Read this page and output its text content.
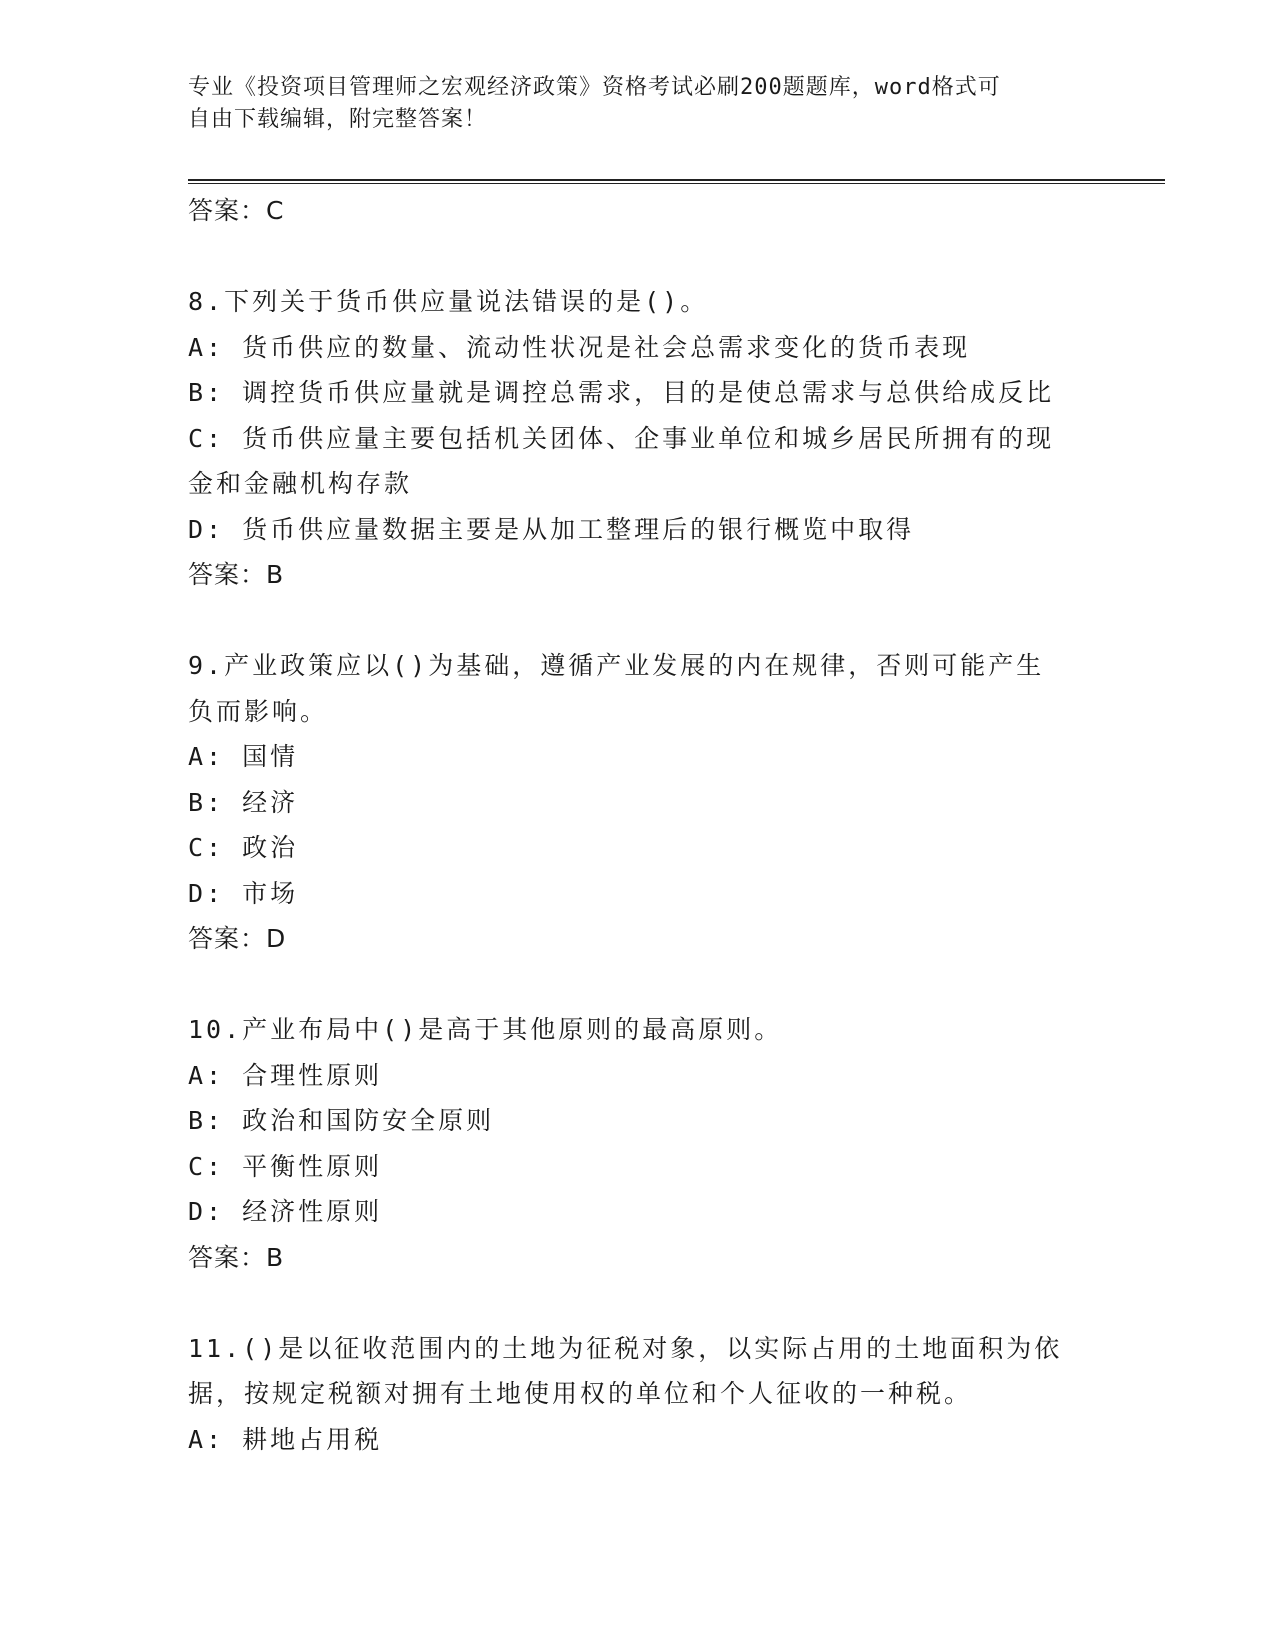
专业《投资项目管理师之宏观经济政策》资格考试必刷200题题库，word格式可
自由下载编辑，附完整答案！

答案：C

8.下列关于货币供应量说法错误的是()。

A: 货币供应的数量、流动性状况是社会总需求变化的货币表现

B: 调控货币供应量就是调控总需求，目的是使总需求与总供给成反比

C: 货币供应量主要包括机关团体、企事业单位和城乡居民所拥有的现

金和金融机构存款

D: 货币供应量数据主要是从加工整理后的银行概览中取得

答案：B

9.产业政策应以()为基础，遵循产业发展的内在规律，否则可能产生

负而影响。

A: 国情

B: 经济

C: 政治

D: 市场

答案：D

10.产业布局中()是高于其他原则的最高原则。

A: 合理性原则

B: 政治和国防安全原则

C: 平衡性原则

D: 经济性原则

答案：B

11.()是以征收范围内的土地为征税对象，以实际占用的土地面积为依

据，按规定税额对拥有土地使用权的单位和个人征收的一种税。

A: 耕地占用税
